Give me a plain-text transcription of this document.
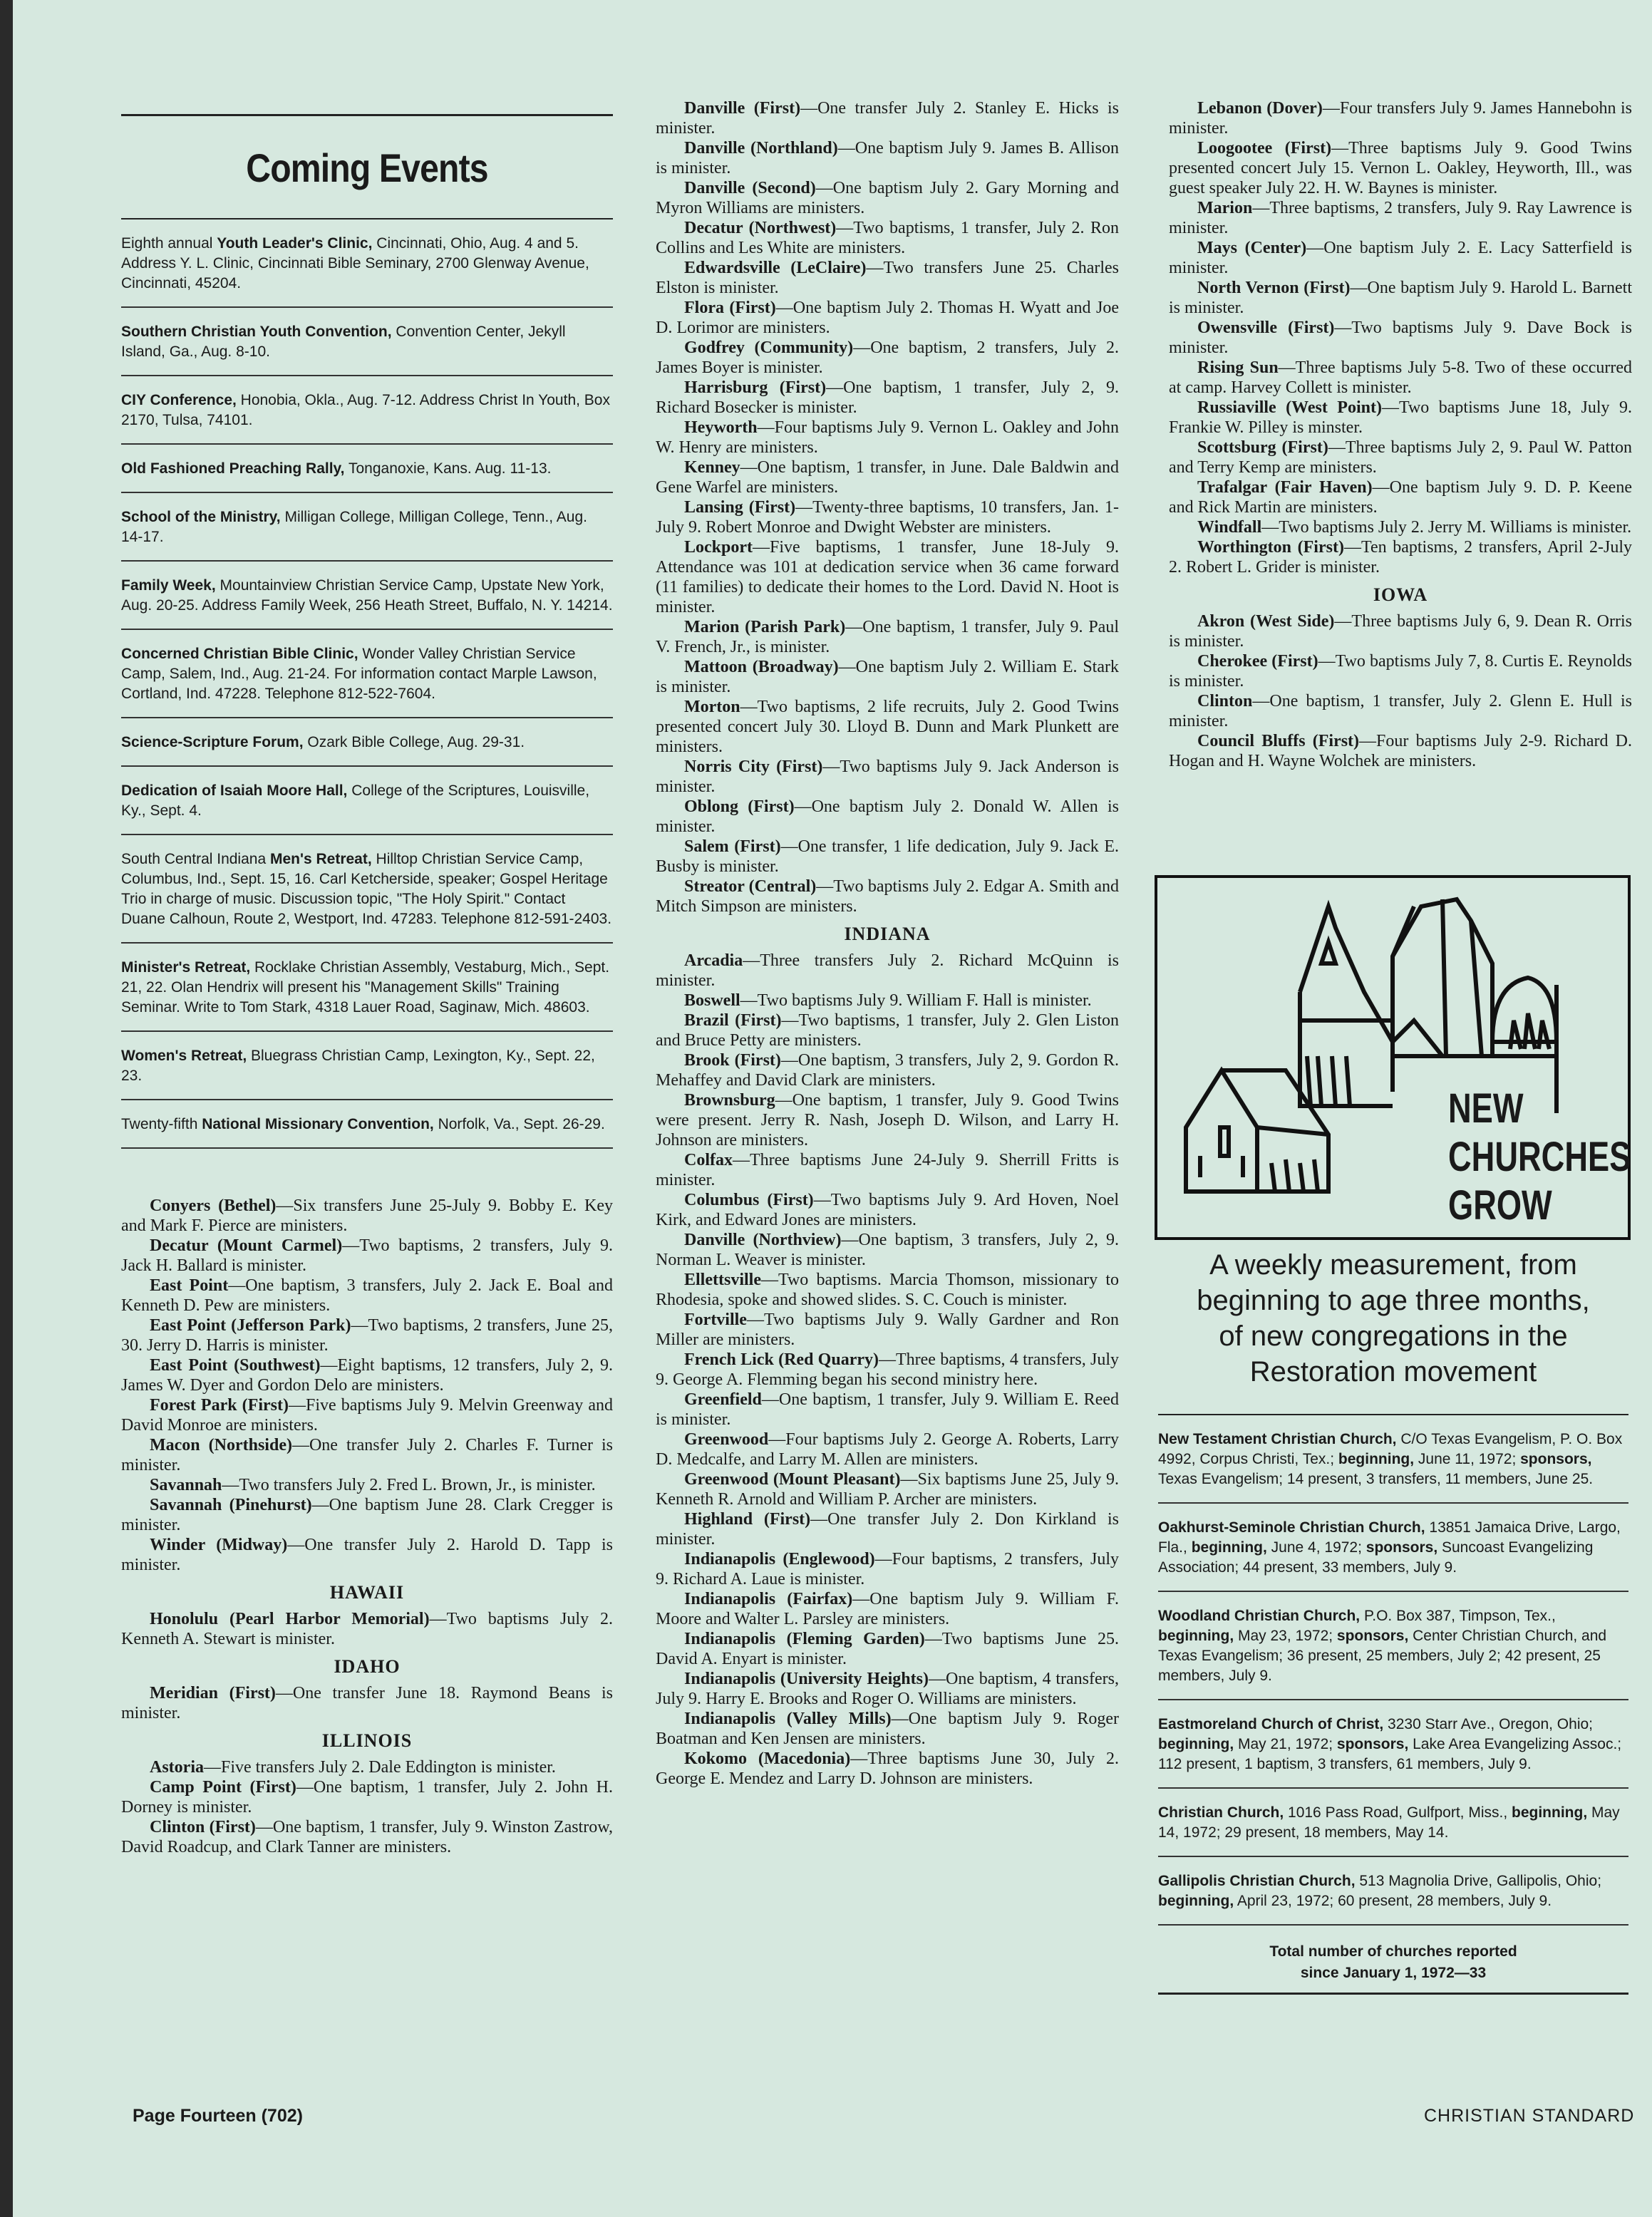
Coming Events
Eighth annual Youth Leader's Clinic, Cincinnati, Ohio, Aug. 4 and 5. Address Y. L. Clinic, Cincinnati Bible Seminary, 2700 Glenway Avenue, Cincinnati, 45204.
Southern Christian Youth Convention, Convention Center, Jekyll Island, Ga., Aug. 8-10.
CIY Conference, Honobia, Okla., Aug. 7-12. Address Christ In Youth, Box 2170, Tulsa, 74101.
Old Fashioned Preaching Rally, Tonganoxie, Kans. Aug. 11-13.
School of the Ministry, Milligan College, Milligan College, Tenn., Aug. 14-17.
Family Week, Mountainview Christian Service Camp, Upstate New York, Aug. 20-25. Address Family Week, 256 Heath Street, Buffalo, N. Y. 14214.
Concerned Christian Bible Clinic, Wonder Valley Christian Service Camp, Salem, Ind., Aug. 21-24. For information contact Marple Lawson, Cortland, Ind. 47228. Telephone 812-522-7604.
Science-Scripture Forum, Ozark Bible College, Aug. 29-31.
Dedication of Isaiah Moore Hall, College of the Scriptures, Louisville, Ky., Sept. 4.
South Central Indiana Men's Retreat, Hilltop Christian Service Camp, Columbus, Ind., Sept. 15, 16. Carl Ketcherside, speaker; Gospel Heritage Trio in charge of music. Discussion topic, "The Holy Spirit." Contact Duane Calhoun, Route 2, Westport, Ind. 47283. Telephone 812-591-2403.
Minister's Retreat, Rocklake Christian Assembly, Vestaburg, Mich., Sept. 21, 22. Olan Hendrix will present his "Management Skills" Training Seminar. Write to Tom Stark, 4318 Lauer Road, Saginaw, Mich. 48603.
Women's Retreat, Bluegrass Christian Camp, Lexington, Ky., Sept. 22, 23.
Twenty-fifth National Missionary Convention, Norfolk, Va., Sept. 26-29.

Conyers (Bethel)—Six transfers June 25-July 9. Bobby E. Key and Mark F. Pierce are ministers.

Decatur (Mount Carmel)—Two baptisms, 2 transfers, July 9. Jack H. Ballard is minister.

East Point—One baptism, 3 transfers, July 2. Jack E. Boal and Kenneth D. Pew are ministers.

East Point (Jefferson Park)—Two baptisms, 2 transfers, June 25, 30. Jerry D. Harris is minister.

East Point (Southwest)—Eight baptisms, 12 transfers, July 2, 9. James W. Dyer and Gordon Delo are ministers.

Forest Park (First)—Five baptisms July 9. Melvin Greenway and David Monroe are ministers.

Macon (Northside)—One transfer July 2. Charles F. Turner is minister.

Savannah—Two transfers July 2. Fred L. Brown, Jr., is minister.

Savannah (Pinehurst)—One baptism June 28. Clark Cregger is minister.

Winder (Midway)—One transfer July 2. Harold D. Tapp is minister.

HAWAII

Honolulu (Pearl Harbor Memorial)—Two baptisms July 2. Kenneth A. Stewart is minister.

IDAHO

Meridian (First)—One transfer June 18. Raymond Beans is minister.

ILLINOIS

Astoria—Five transfers July 2. Dale Eddington is minister.

Camp Point (First)—One baptism, 1 transfer, July 2. John H. Dorney is minister.

Clinton (First)—One baptism, 1 transfer, July 9. Winston Zastrow, David Roadcup, and Clark Tanner are ministers.

Danville (First)—One transfer July 2. Stanley E. Hicks is minister.

Danville (Northland)—One baptism July 9. James B. Allison is minister.

Danville (Second)—One baptism July 2. Gary Morning and Myron Williams are ministers.

Decatur (Northwest)—Two baptisms, 1 transfer, July 2. Ron Collins and Les White are ministers.

Edwardsville (LeClaire)—Two transfers June 25. Charles Elston is minister.

Flora (First)—One baptism July 2. Thomas H. Wyatt and Joe D. Lorimor are ministers.

Godfrey (Community)—One baptism, 2 transfers, July 2. James Boyer is minister.

Harrisburg (First)—One baptism, 1 transfer, July 2, 9. Richard Bosecker is minister.

Heyworth—Four baptisms July 9. Vernon L. Oakley and John W. Henry are ministers.

Kenney—One baptism, 1 transfer, in June. Dale Baldwin and Gene Warfel are ministers.

Lansing (First)—Twenty-three baptisms, 10 transfers, Jan. 1-July 9. Robert Monroe and Dwight Webster are ministers.

Lockport—Five baptisms, 1 transfer, June 18-July 9. Attendance was 101 at dedication service when 36 came forward (11 families) to dedicate their homes to the Lord. David N. Hoot is minister.

Marion (Parish Park)—One baptism, 1 transfer, July 9. Paul V. French, Jr., is minister.

Mattoon (Broadway)—One baptism July 2. William E. Stark is minister.

Morton—Two baptisms, 2 life recruits, July 2. Good Twins presented concert July 30. Lloyd B. Dunn and Mark Plunkett are ministers.

Norris City (First)—Two baptisms July 9. Jack Anderson is minister.

Oblong (First)—One baptism July 2. Donald W. Allen is minister.

Salem (First)—One transfer, 1 life dedication, July 9. Jack E. Busby is minister.

Streator (Central)—Two baptisms July 2. Edgar A. Smith and Mitch Simpson are ministers.

INDIANA

Arcadia—Three transfers July 2. Richard McQuinn is minister.

Boswell—Two baptisms July 9. William F. Hall is minister.

Brazil (First)—Two baptisms, 1 transfer, July 2. Glen Liston and Bruce Petty are ministers.

Brook (First)—One baptism, 3 transfers, July 2, 9. Gordon R. Mehaffey and David Clark are ministers.

Brownsburg—One baptism, 1 transfer, July 9. Good Twins were present. Jerry R. Nash, Joseph D. Wilson, and Larry H. Johnson are ministers.

Colfax—Three baptisms June 24-July 9. Sherrill Fritts is minister.

Columbus (First)—Two baptisms July 9. Ard Hoven, Noel Kirk, and Edward Jones are ministers.

Danville (Northview)—One baptism, 3 transfers, July 2, 9. Norman L. Weaver is minister.

Ellettsville—Two baptisms. Marcia Thomson, missionary to Rhodesia, spoke and showed slides. S. C. Couch is minister.

Fortville—Two baptisms July 9. Wally Gardner and Ron Miller are ministers.

French Lick (Red Quarry)—Three baptisms, 4 transfers, July 9. George A. Flemming began his second ministry here.

Greenfield—One baptism, 1 transfer, July 9. William E. Reed is minister.

Greenwood—Four baptisms July 2. George A. Roberts, Larry D. Medcalfe, and Larry M. Allen are ministers.

Greenwood (Mount Pleasant)—Six baptisms June 25, July 9. Kenneth R. Arnold and William P. Archer are ministers.

Highland (First)—One transfer July 2. Don Kirkland is minister.

Indianapolis (Englewood)—Four baptisms, 2 transfers, July 9. Richard A. Laue is minister.

Indianapolis (Fairfax)—One baptism July 9. William F. Moore and Walter L. Parsley are ministers.

Indianapolis (Fleming Garden)—Two baptisms June 25. David A. Enyart is minister.

Indianapolis (University Heights)—One baptism, 4 transfers, July 9. Harry E. Brooks and Roger O. Williams are ministers.

Indianapolis (Valley Mills)—One baptism July 9. Roger Boatman and Ken Jensen are ministers.

Kokomo (Macedonia)—Three baptisms June 30, July 2. George E. Mendez and Larry D. Johnson are ministers.

Lebanon (Dover)—Four transfers July 9. James Hannebohn is minister.

Loogootee (First)—Three baptisms July 9. Good Twins presented concert July 15. Vernon L. Oakley, Heyworth, Ill., was guest speaker July 22. H. W. Baynes is minister.

Marion—Three baptisms, 2 transfers, July 9. Ray Lawrence is minister.

Mays (Center)—One baptism July 2. E. Lacy Satterfield is minister.

North Vernon (First)—One baptism July 9. Harold L. Barnett is minister.

Owensville (First)—Two baptisms July 9. Dave Bock is minister.

Rising Sun—Three baptisms July 5-8. Two of these occurred at camp. Harvey Collett is minister.

Russiaville (West Point)—Two baptisms June 18, July 9. Frankie W. Pilley is minster.

Scottsburg (First)—Three baptisms July 2, 9. Paul W. Patton and Terry Kemp are ministers.

Trafalgar (Fair Haven)—One baptism July 9. D. P. Keene and Rick Martin are ministers.

Windfall—Two baptisms July 2. Jerry M. Williams is minister.

Worthington (First)—Ten baptisms, 2 transfers, April 2-July 2. Robert L. Grider is minister.

IOWA

Akron (West Side)—Three baptisms July 6, 9. Dean R. Orris is minister.

Cherokee (First)—Two baptisms July 7, 8. Curtis E. Reynolds is minister.

Clinton—One baptism, 1 transfer, July 2. Glenn E. Hull is minister.

Council Bluffs (First)—Four baptisms July 2-9. Richard D. Hogan and H. Wayne Wolchek are ministers.

NEW
CHURCHES
GROW

A weekly measurement, from

beginning to age three months,

of new congregations in the

Restoration movement

New Testament Christian Church, C/O Texas Evangelism, P. O. Box 4992, Corpus Christi, Tex.; beginning, June 11, 1972; sponsors, Texas Evangelism; 14 present, 3 transfers, 11 members, June 25.
Oakhurst-Seminole Christian Church, 13851 Jamaica Drive, Largo, Fla., beginning, June 4, 1972; sponsors, Suncoast Evangelizing Association; 44 present, 33 members, July 9.
Woodland Christian Church, P.O. Box 387, Timpson, Tex., beginning, May 23, 1972; sponsors, Center Christian Church, and Texas Evangelism; 36 present, 25 members, July 2; 42 present, 25 members, July 9.
Eastmoreland Church of Christ, 3230 Starr Ave., Oregon, Ohio; beginning, May 21, 1972; sponsors, Lake Area Evangelizing Assoc.; 112 present, 1 baptism, 3 transfers, 61 members, July 9.
Christian Church, 1016 Pass Road, Gulfport, Miss., beginning, May 14, 1972; 29 present, 18 members, May 14.
Gallipolis Christian Church, 513 Magnolia Drive, Gallipolis, Ohio; beginning, April 23, 1972; 60 present, 28 members, July 9.
Total number of churches reported
since January 1, 1972—33
Page Fourteen (702)	CHRISTIAN STANDARD
